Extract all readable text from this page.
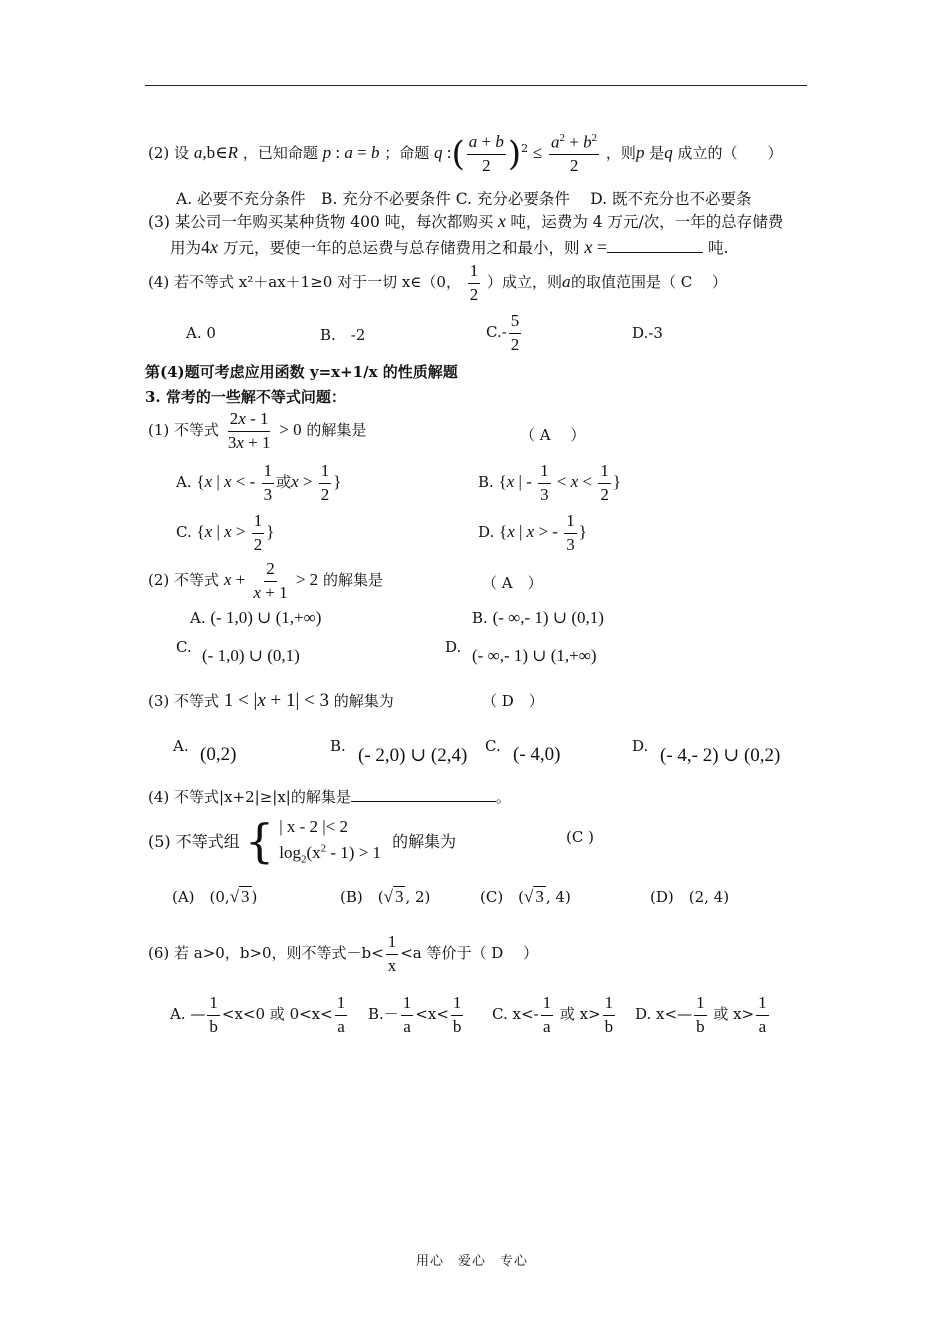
(2) 设 a,b∈R ，已知命题 p : a = b ；命题 q :( $\frac{a + b}{2} )^2 \le \frac{a^2 + b^2}{2}$ ，则p 是q 成立的（　　）
A. 必要不充分条件　B. 充分不必要条件 C. 充分必要条件　 D. 既不充分也不必要条
(3) 某公司一年购买某种货物 400 吨，每次都购买 x 吨，运费为 4 万元/次，一年的总存储费
用为4x 万元，要使一年的总运费与总存储费用之和最小，则 x =	吨.
(4) 若不等式 x²＋ax＋1≥0 对于一切 x∈（0， $\frac{1}{2}$ ）成立，则a的取值范围是（ C　 ）
A. 0	B.　-2	$C.- \frac{5}{2}$	D.-3
第(4)题可考虑应用函数 y=x+1/x 的性质解题
3. 常考的一些解不等式问题：
(1) 不等式 $\frac{2x - 1}{3x + 1} > 0$ 的解集是	（ A　 ）
A. {x | x < - $\frac{1}{3}$ 或$x > \frac{1}{2}$ }	B. {x | - $\frac{1}{3} < x < \frac{1}{2}$ }
C. {x | $x > \frac{1}{2}$ }	D. {x | x > - $\frac{1}{3}$ }
(2) 不等式 $x + \frac{2}{x + 1} > 2$ 的解集是	（ A　）
A. (- 1,0) ∪ (1,+∞)	B. (- ∞,- 1) ∪ (0,1)
C. (- 1,0) ∪ (0,1)	D. (- ∞,- 1) ∪ (1,+∞)
(3) 不等式 1 < |x + 1| < 3 的解集为	（ D　）
A. (0,2)	B. (- 2,0) ∪ (2,4) C. (- 4,0)	D. (- 4,- 2) ∪ (0,2)
(4) 不等式|x+2|≥|x|的解集是	。
(5) 不等式组 { | x - 2 |< 2
$\log_2(x^2 - 1) > 1$
的解集为	(C )
(A)　(0,√ 3 )	(B)　(√ 3 , 2)	(C)　(√ 3 , 4)	(D)　(2, 4)
(6) 若 a>0，b>0，则不等式$-b< \frac{1}{x} <a$ 等价于（ D　 ）
A. — $\frac{1}{b} <x<0$ 或 $0<x< \frac{1}{a} B.- \frac{1}{a} <x< \frac{1}{b} C$. $x<- \frac{1}{a}$ 或 $x> \frac{1}{b} D$. x<— $\frac{1}{b}$ 或 $x> \frac{1}{a}$
用心　爱心　专心
